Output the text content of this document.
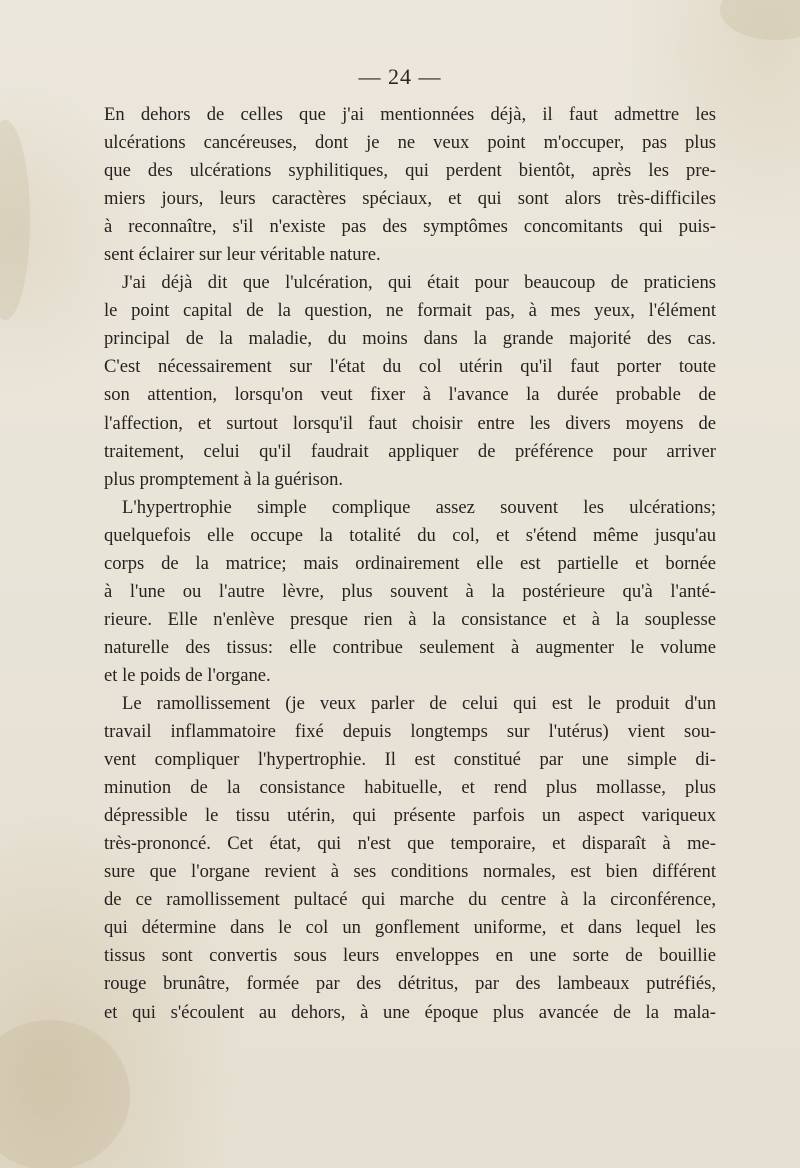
— 24 —
En dehors de celles que j'ai mentionnées déjà, il faut admettre les
ulcérations cancéreuses, dont je ne veux point m'occuper, pas plus
que des ulcérations syphilitiques, qui perdent bientôt, après les pre-
miers jours, leurs caractères spéciaux, et qui sont alors très-difficiles
à reconnaître, s'il n'existe pas des symptômes concomitants qui puis-
sent éclairer sur leur véritable nature.
J'ai déjà dit que l'ulcération, qui était pour beaucoup de praticiens
le point capital de la question, ne formait pas, à mes yeux, l'élément
principal de la maladie, du moins dans la grande majorité des cas.
C'est nécessairement sur l'état du col utérin qu'il faut porter toute
son attention, lorsqu'on veut fixer à l'avance la durée probable de
l'affection, et surtout lorsqu'il faut choisir entre les divers moyens de
traitement, celui qu'il faudrait appliquer de préférence pour arriver
plus promptement à la guérison.
L'hypertrophie simple complique assez souvent les ulcérations;
quelquefois elle occupe la totalité du col, et s'étend même jusqu'au
corps de la matrice; mais ordinairement elle est partielle et bornée
à l'une ou l'autre lèvre, plus souvent à la postérieure qu'à l'anté-
rieure. Elle n'enlève presque rien à la consistance et à la souplesse
naturelle des tissus: elle contribue seulement à augmenter le volume
et le poids de l'organe.
Le ramollissement (je veux parler de celui qui est le produit d'un
travail inflammatoire fixé depuis longtemps sur l'utérus) vient sou-
vent compliquer l'hypertrophie. Il est constitué par une simple di-
minution de la consistance habituelle, et rend plus mollasse, plus
dépressible le tissu utérin, qui présente parfois un aspect variqueux
très-prononcé. Cet état, qui n'est que temporaire, et disparaît à me-
sure que l'organe revient à ses conditions normales, est bien différent
de ce ramollissement pultacé qui marche du centre à la circonférence,
qui détermine dans le col un gonflement uniforme, et dans lequel les
tissus sont convertis sous leurs enveloppes en une sorte de bouillie
rouge brunâtre, formée par des détritus, par des lambeaux putréfiés,
et qui s'écoulent au dehors, à une époque plus avancée de la mala-
